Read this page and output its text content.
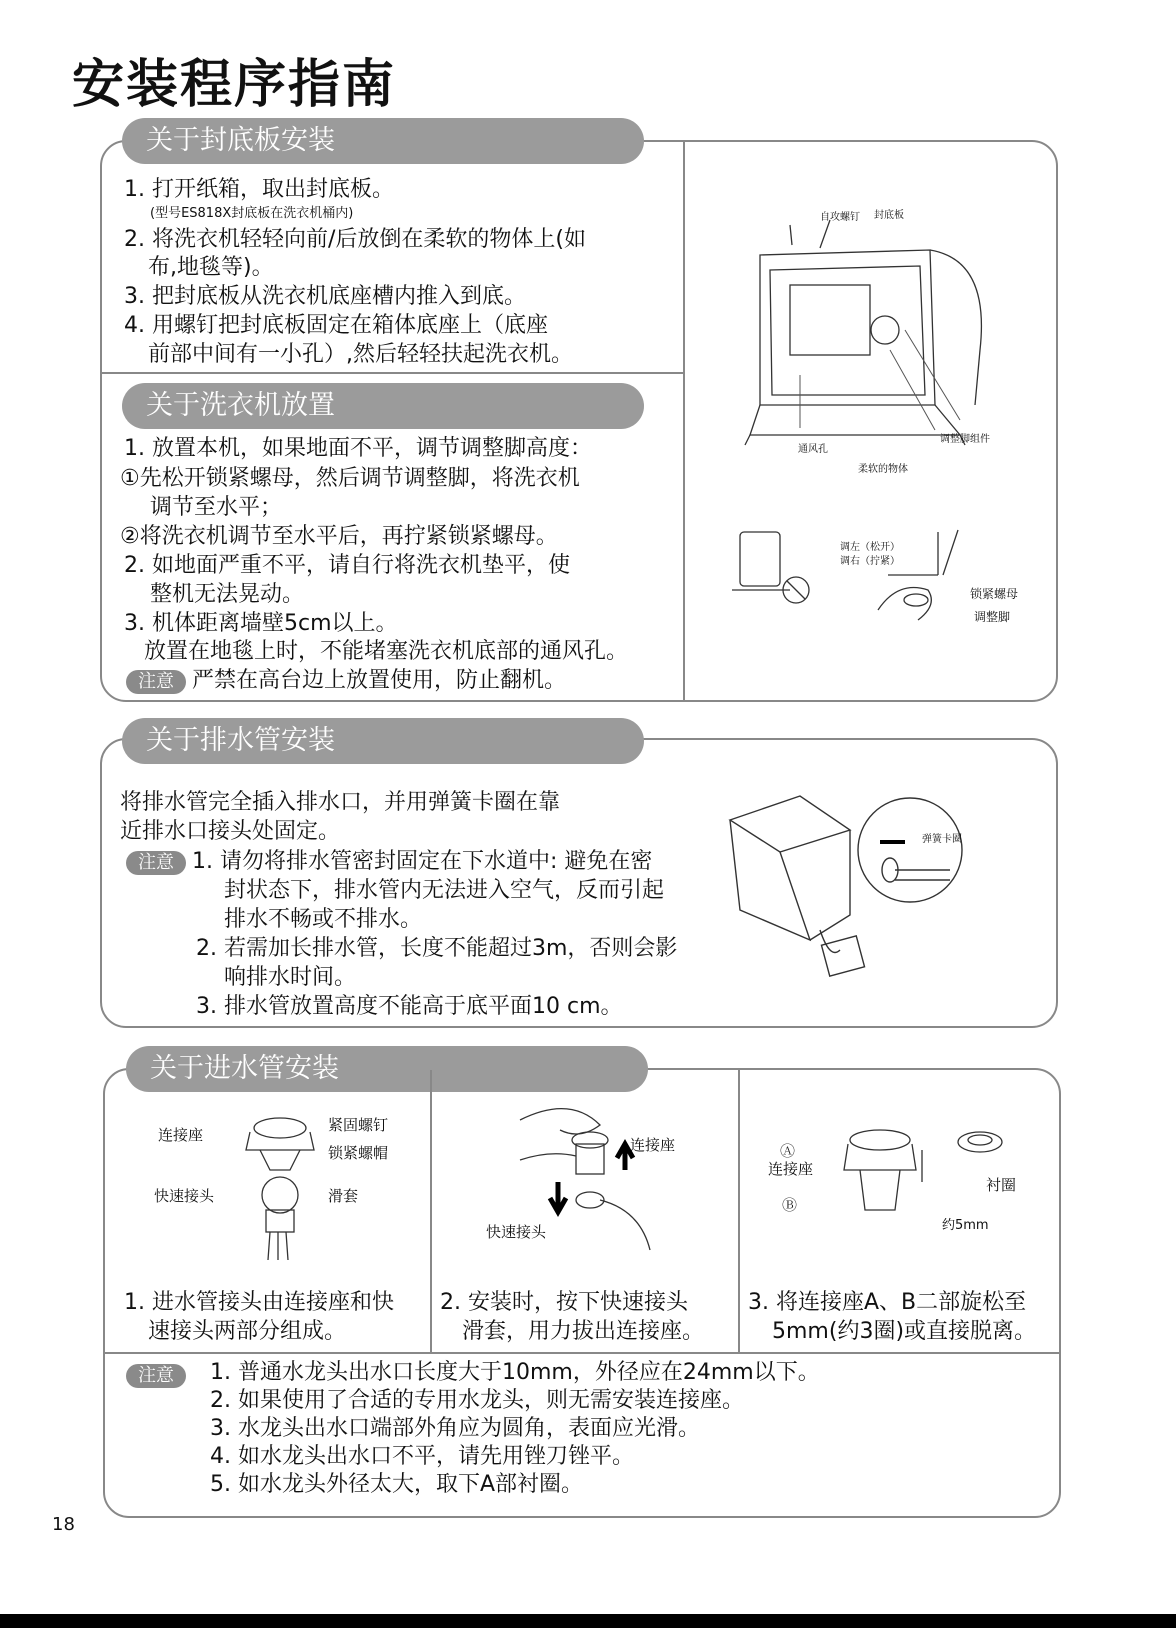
安装程序指南
关于封底板安装
1. 打开纸箱，取出封底板。
(型号ES818X封底板在洗衣机桶内)
2. 将洗衣机轻轻向前/后放倒在柔软的物体上(如
布,地毯等)。
3. 把封底板从洗衣机底座槽内推入到底。
4. 用螺钉把封底板固定在箱体底座上（底座
前部中间有一小孔）,然后轻轻扶起洗衣机。
关于洗衣机放置
1. 放置本机，如果地面不平，调节调整脚高度：
①先松开锁紧螺母，然后调节调整脚，将洗衣机
调节至水平；
②将洗衣机调节至水平后，再拧紧锁紧螺母。
2. 如地面严重不平，请自行将洗衣机垫平，使
整机无法晃动。
3. 机体距离墙壁5cm以上。
放置在地毯上时，不能堵塞洗衣机底部的通风孔。
注意 严禁在高台边上放置使用，防止翻机。
自攻螺钉 封底板
通风孔
柔软的物体
调整脚组件
调左（松开）
调右（拧紧）
锁紧螺母
调整脚
关于排水管安装
将排水管完全插入排水口，并用弹簧卡圈在靠
近排水口接头处固定。
注意 1. 请勿将排水管密封固定在下水道中: 避免在密
封状态下，排水管内无法进入空气，反而引起
排水不畅或不排水。
2. 若需加长排水管，长度不能超过3m，否则会影
响排水时间。
3. 排水管放置高度不能高于底平面10 cm。
弹簧卡圈
关于进水管安装
连接座
紧固螺钉
锁紧螺帽
快速接头	滑套
连接座
快速接头
Ⓐ
连接座
Ⓑ
衬圈
约5mm
1. 进水管接头由连接座和快
速接头两部分组成。
2. 安装时，按下快速接头
滑套，用力拔出连接座。
3. 将连接座A、B二部旋松至
5mm(约3圈)或直接脱离。
注意	1. 普通水龙头出水口长度大于10mm，外径应在24mm以下。
2. 如果使用了合适的专用水龙头，则无需安装连接座。
3. 水龙头出水口端部外角应为圆角，表面应光滑。
4. 如水龙头出水口不平，请先用锉刀锉平。
5. 如水龙头外径太大，取下A部衬圈。
18
